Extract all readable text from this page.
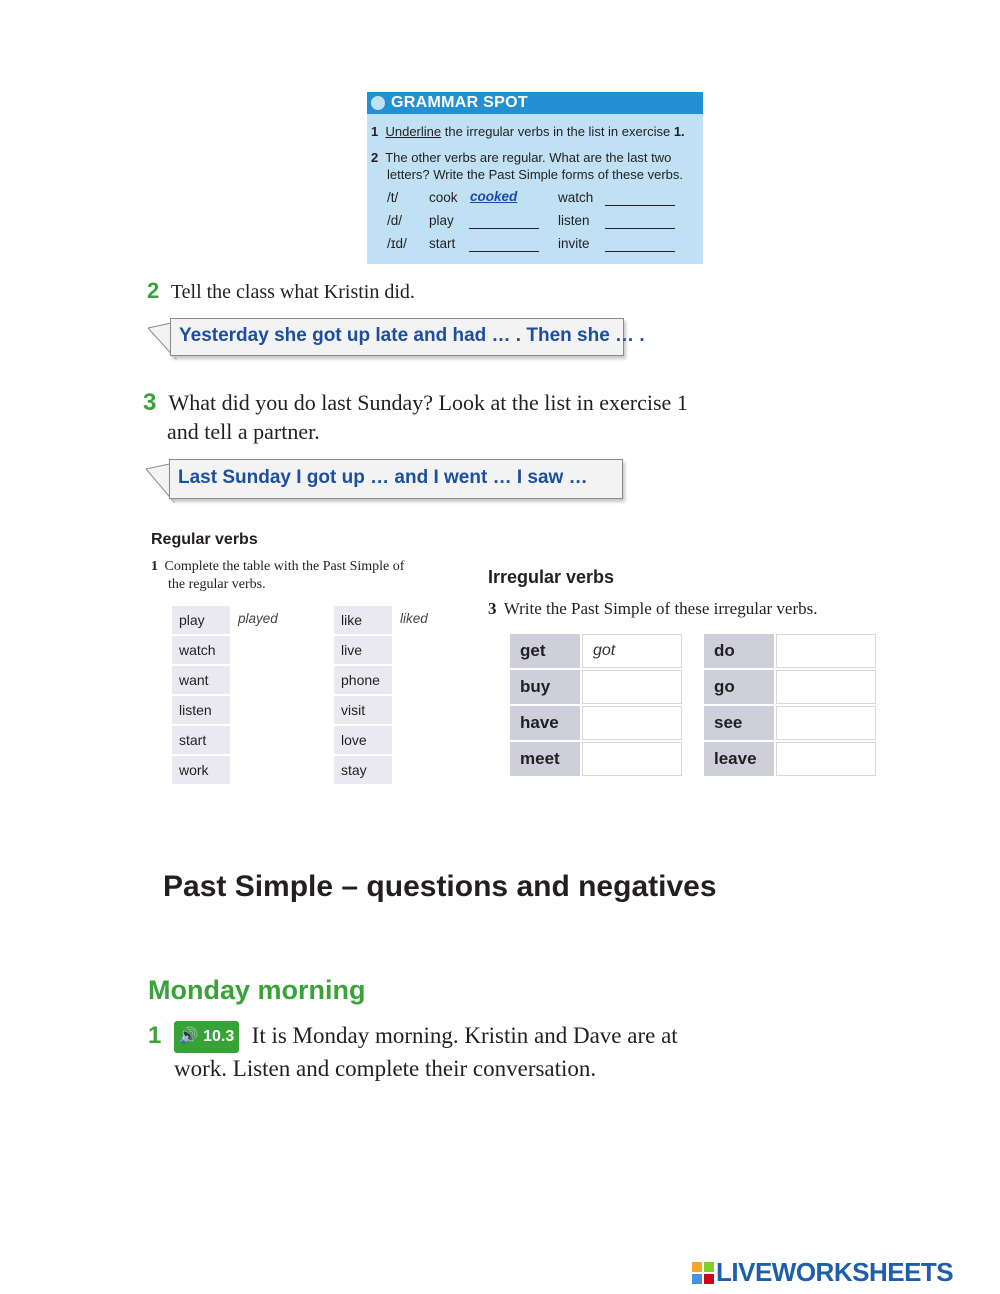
GRAMMAR SPOT
1 Underline the irregular verbs in the list in exercise 1.
2 The other verbs are regular. What are the last two
letters? Write the Past Simple forms of these verbs.
/t/ cook cooked	watch
/d/ play	listen
/ɪd/ start	invite
2 Tell the class what Kristin did.
Yesterday she got up late and had … . Then she … .
3 What did you do last Sunday? Look at the list in exercise 1
and tell a partner.
Last Sunday I got up … and I went … I saw …
Regular verbs
1 Complete the table with the Past Simple of
the regular verbs.
play	played
watch
want
listen
start
work
like	liked
live
phone
visit
love
stay
Irregular verbs
3 Write the Past Simple of these irregular verbs.
get	got
buy
have
meet
do
go
see
leave
Past Simple – questions and negatives
Monday morning
1 🔊 10.3 It is Monday morning. Kristin and Dave are at
work. Listen and complete their conversation.
LIVEWORKSHEETS
